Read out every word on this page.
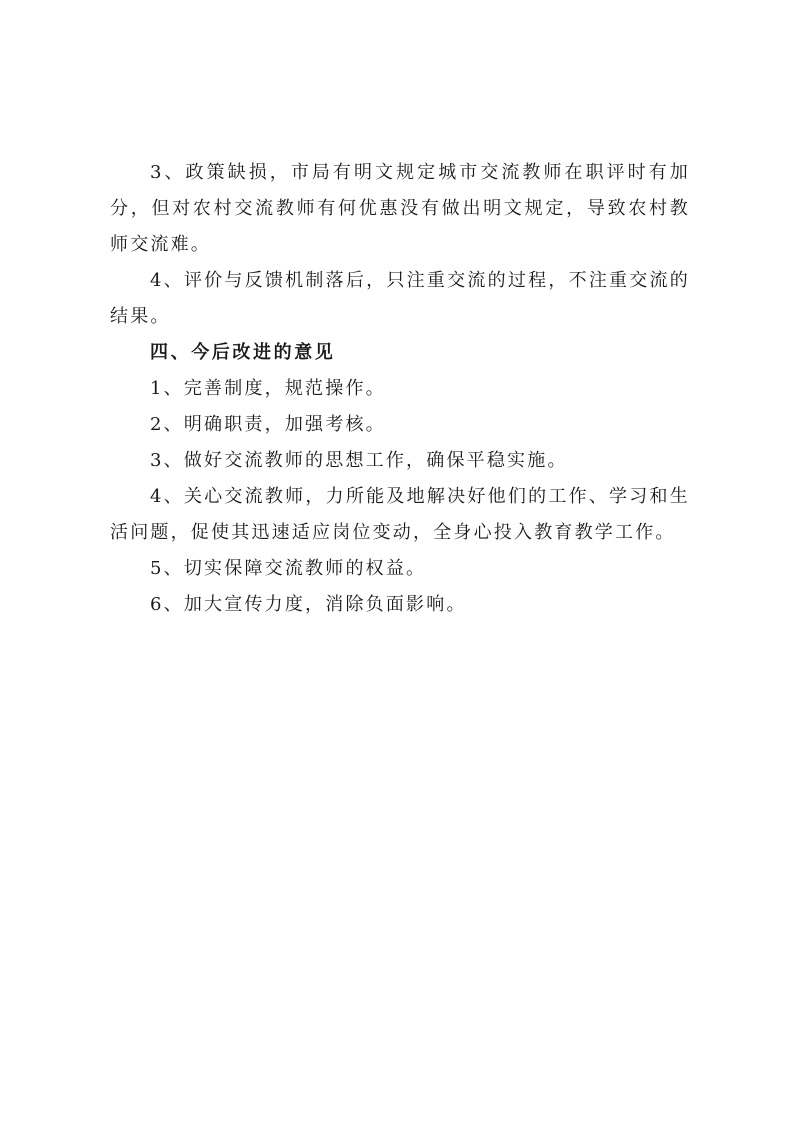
3、政策缺损，市局有明文规定城市交流教师在职评时有加分，但对农村交流教师有何优惠没有做出明文规定，导致农村教师交流难。

4、评价与反馈机制落后，只注重交流的过程，不注重交流的结果。

四、今后改进的意见

1、完善制度，规范操作。

2、明确职责，加强考核。

3、做好交流教师的思想工作，确保平稳实施。

4、关心交流教师，力所能及地解决好他们的工作、学习和生活问题，促使其迅速适应岗位变动，全身心投入教育教学工作。

5、切实保障交流教师的权益。

6、加大宣传力度，消除负面影响。
